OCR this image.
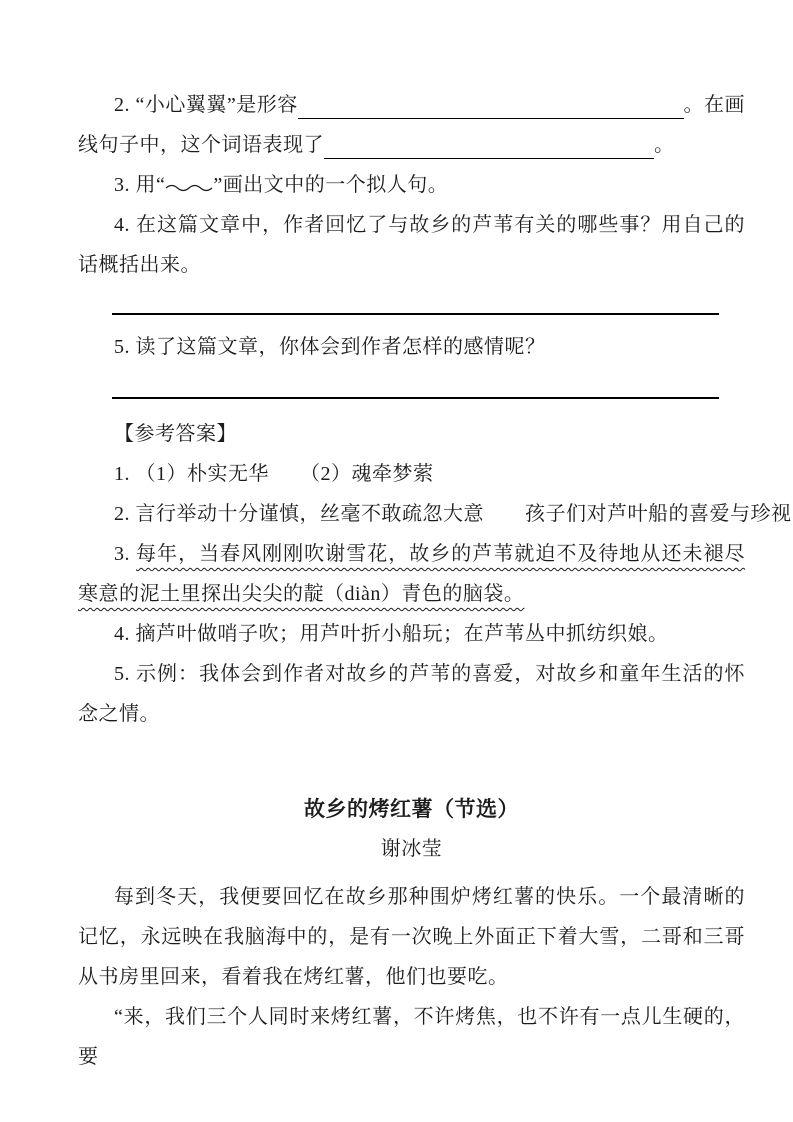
2. “小心翼翼”是形容	。在画
线句子中，这个词语表现了	。
3. 用“ ”画出文中的一个拟人句。
4. 在这篇文章中，作者回忆了与故乡的芦苇有关的哪些事？用自己的话概括出来。
5. 读了这篇文章，你体会到作者怎样的感情呢？
【参考答案】
1. （1）朴实无华　　（2）魂牵梦萦
2. 言行举动十分谨慎，丝毫不敢疏忽大意　　孩子们对芦叶船的喜爱与珍视
3. 每年，当春风刚刚吹谢雪花，故乡的芦苇就迫不及待地从还未褪尽寒意的泥土里探出尖尖的靛（diàn）青色的脑袋。
4. 摘芦叶做哨子吹；用芦叶折小船玩；在芦苇丛中抓纺织娘。
5. 示例：我体会到作者对故乡的芦苇的喜爱，对故乡和童年生活的怀念之情。
故乡的烤红薯（节选）
谢冰莹
每到冬天，我便要回忆在故乡那种围炉烤红薯的快乐。一个最清晰的记忆，永远映在我脑海中的，是有一次晚上外面正下着大雪，二哥和三哥从书房里回来，看着我在烤红薯，他们也要吃。
“来，我们三个人同时来烤红薯，不许烤焦，也不许有一点儿生硬的，要
